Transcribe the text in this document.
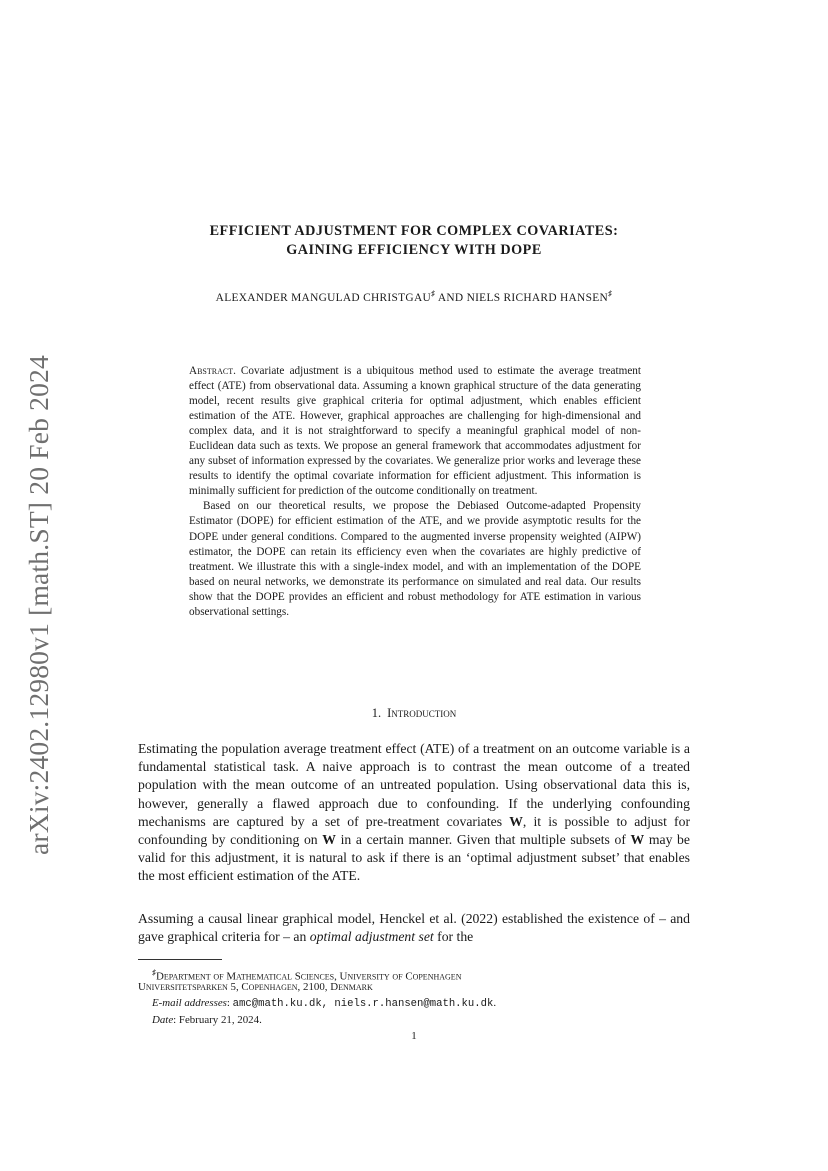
arXiv:2402.12980v1 [math.ST] 20 Feb 2024
EFFICIENT ADJUSTMENT FOR COMPLEX COVARIATES:
GAINING EFFICIENCY WITH DOPE
ALEXANDER MANGULAD CHRISTGAU♯ AND NIELS RICHARD HANSEN♯

Abstract. Covariate adjustment is a ubiquitous method used to estimate the average treatment effect (ATE) from observational data. Assuming a known graphical structure of the data generating model, recent results give graphical criteria for optimal adjustment, which enables efficient estimation of the ATE. However, graphical approaches are challenging for high-dimensional and complex data, and it is not straightforward to specify a meaningful graphical model of non-Euclidean data such as texts. We propose an general framework that accommodates adjustment for any subset of information expressed by the covariates. We generalize prior works and leverage these results to identify the optimal covariate information for efficient adjustment. This information is minimally sufficient for prediction of the outcome conditionally on treatment.

Based on our theoretical results, we propose the Debiased Outcome-adapted Propensity Estimator (DOPE) for efficient estimation of the ATE, and we provide asymptotic results for the DOPE under general conditions. Compared to the augmented inverse propensity weighted (AIPW) estimator, the DOPE can retain its efficiency even when the covariates are highly predictive of treatment. We illustrate this with a single-index model, and with an implementation of the DOPE based on neural networks, we demonstrate its performance on simulated and real data. Our results show that the DOPE provides an efficient and robust methodology for ATE estimation in various observational settings.

1. Introduction

Estimating the population average treatment effect (ATE) of a treatment on an outcome variable is a fundamental statistical task. A naive approach is to contrast the mean outcome of a treated population with the mean outcome of an untreated population. Using observational data this is, however, generally a flawed approach due to confounding. If the underlying confounding mechanisms are captured by a set of pre-treatment covariates W, it is possible to adjust for confounding by conditioning on W in a certain manner. Given that multiple subsets of W may be valid for this adjustment, it is natural to ask if there is an ‘optimal adjustment subset’ that enables the most efficient estimation of the ATE.

Assuming a causal linear graphical model, Henckel et al. (2022) established the existence of – and gave graphical criteria for – an optimal adjustment set for the

♯Department of Mathematical Sciences, University of Copenhagen
Universitetsparken 5, Copenhagen, 2100, Denmark
E-mail addresses: amc@math.ku.dk, niels.r.hansen@math.ku.dk.
Date: February 21, 2024.
1
